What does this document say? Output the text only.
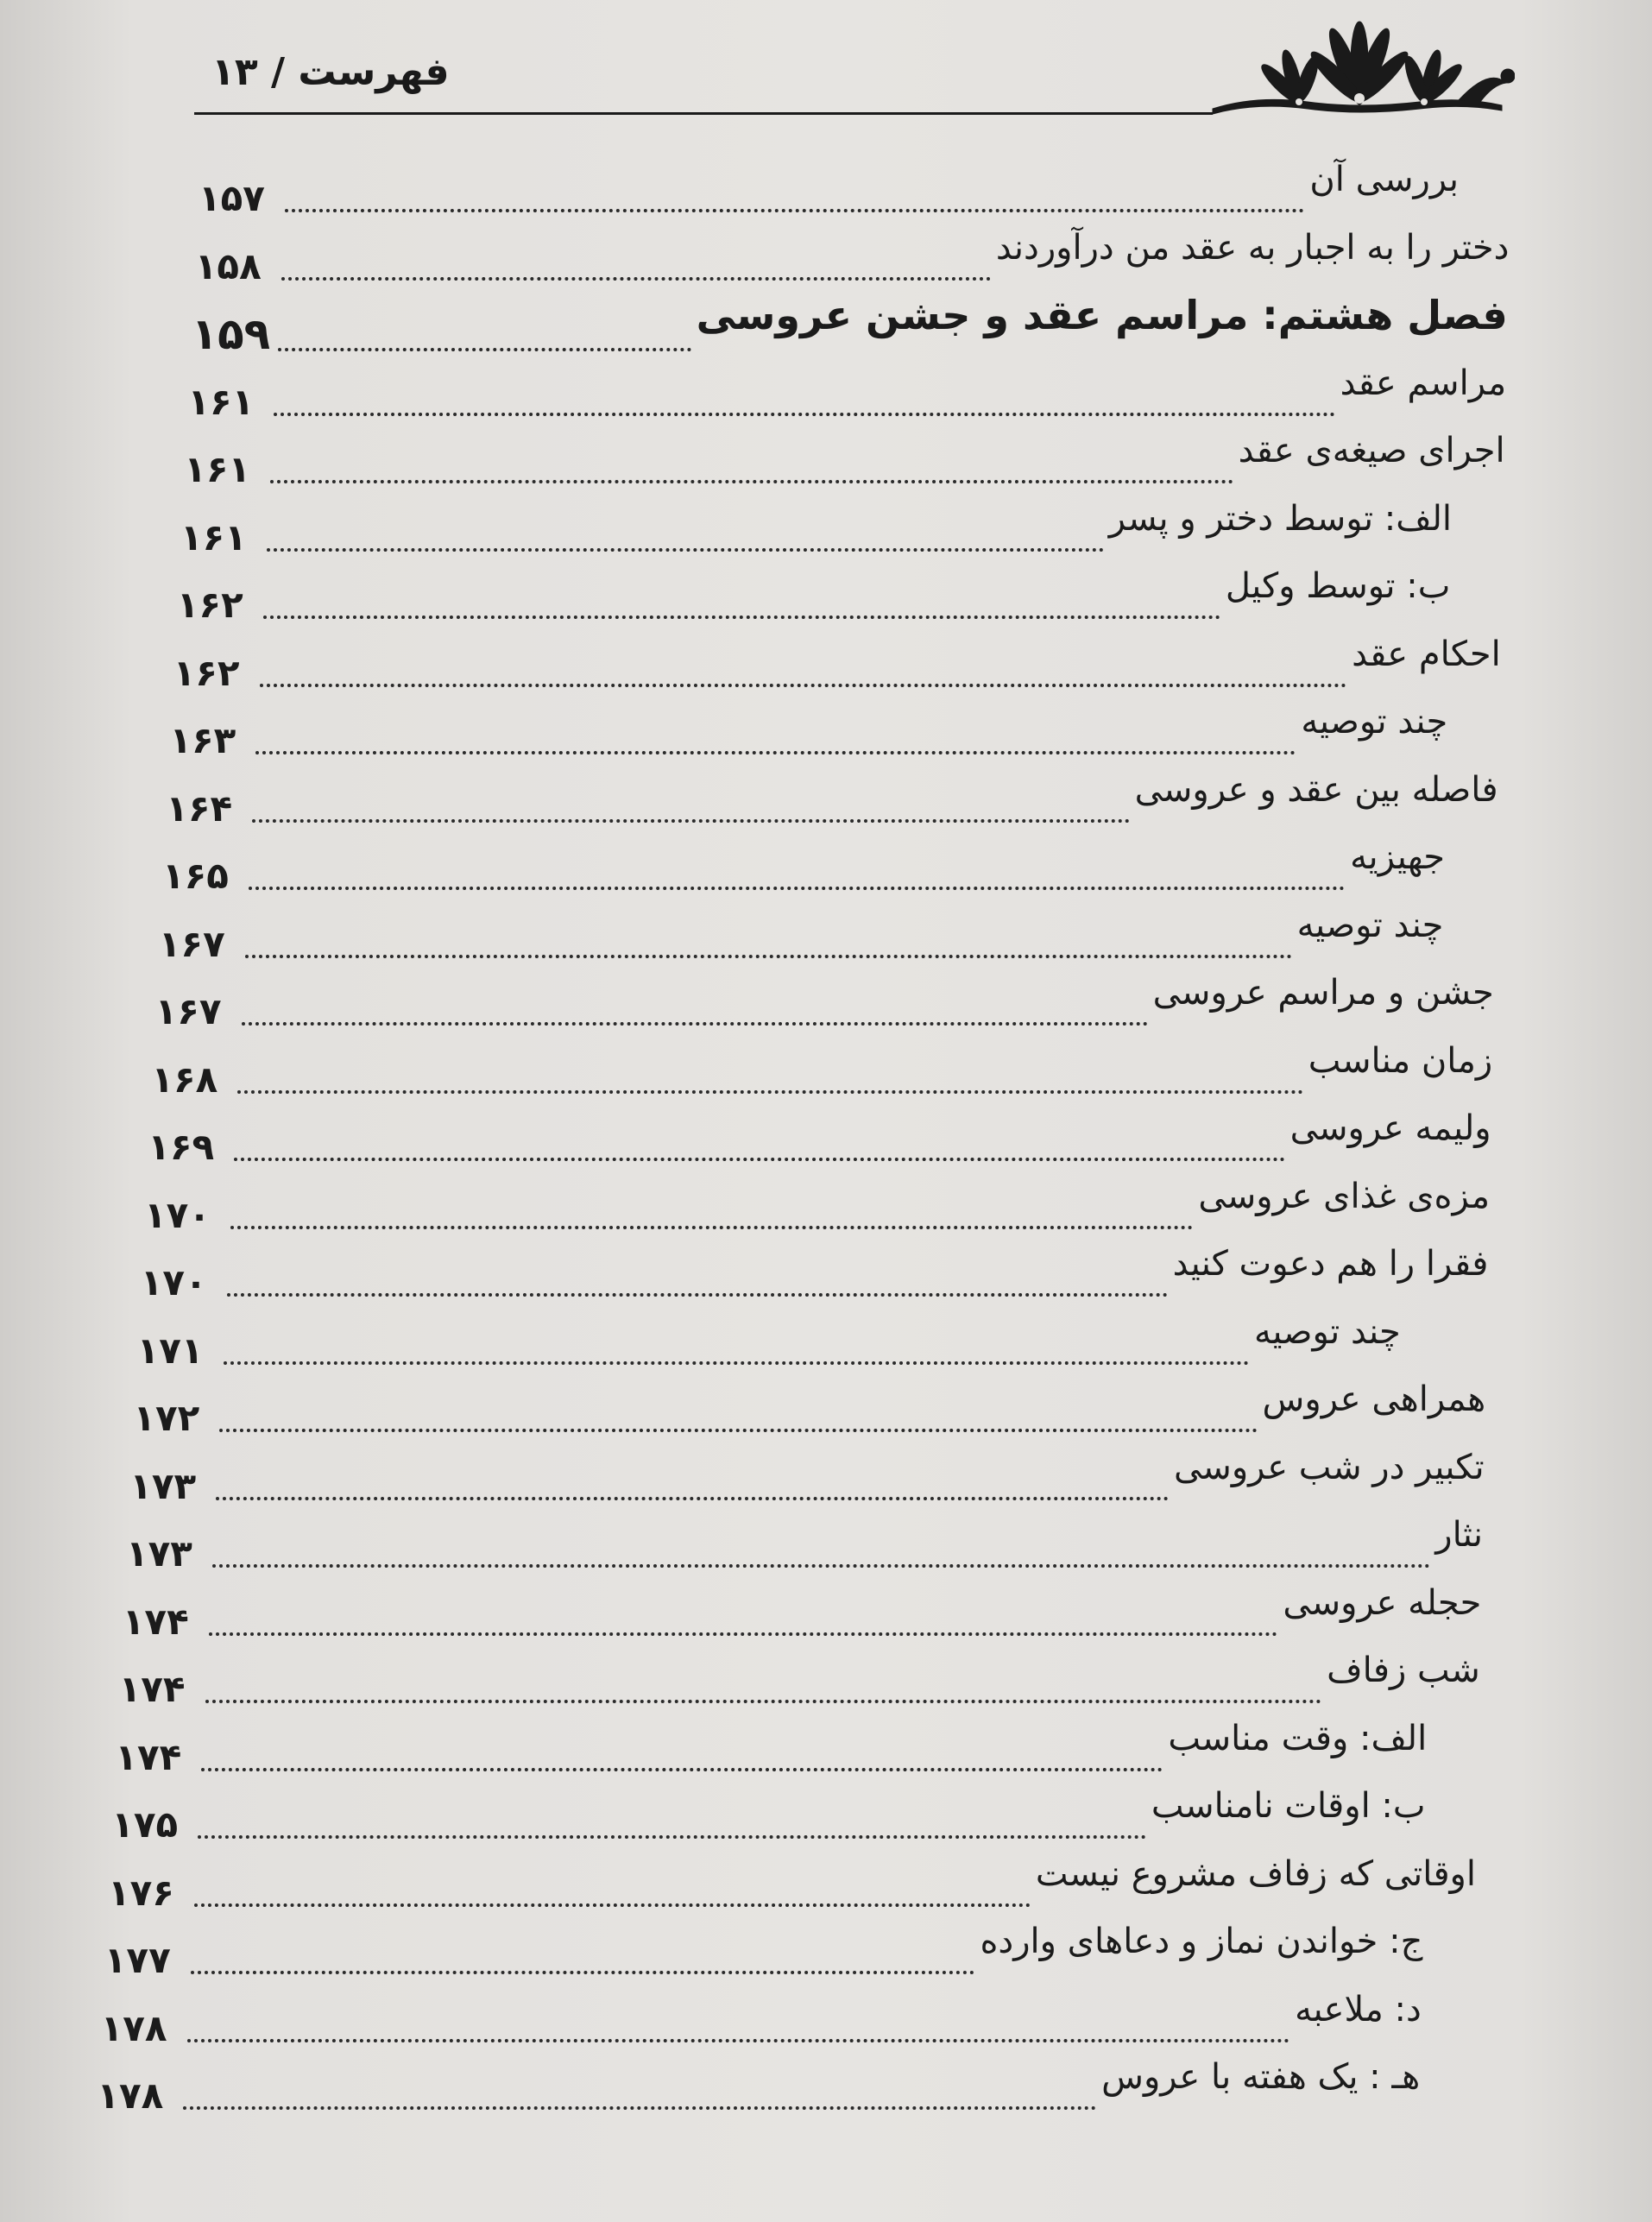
فهرست / ۱۳
بررسی آن
۱۵۷
دختر را به اجبار به عقد من درآوردند
۱۵۸
فصل هشتم: مراسم عقد و جشن عروسی
۱۵۹
مراسم عقد
۱۶۱
اجرای صیغه‌ی عقد
۱۶۱
الف: توسط دختر و پسر
۱۶۱
ب: توسط وکیل
۱۶۲
احکام عقد
۱۶۲
چند توصیه
۱۶۳
فاصله بین عقد و عروسی
۱۶۴
جهیزیه
۱۶۵
چند توصیه
۱۶۷
جشن و مراسم عروسی
۱۶۷
زمان مناسب
۱۶۸
ولیمه عروسی
۱۶۹
مزه‌ی غذای عروسی
۱۷۰
فقرا را هم دعوت کنید
۱۷۰
چند توصیه
۱۷۱
همراهی عروس
۱۷۲
تکبیر در شب عروسی
۱۷۳
نثار
۱۷۳
حجله عروسی
۱۷۴
شب زفاف
۱۷۴
الف: وقت مناسب
۱۷۴
ب: اوقات نامناسب
۱۷۵
اوقاتی که زفاف مشروع نیست
۱۷۶
ج: خواندن نماز و دعاهای وارده
۱۷۷
د: ملاعبه
۱۷۸
هـ : یک هفته با عروس
۱۷۸
